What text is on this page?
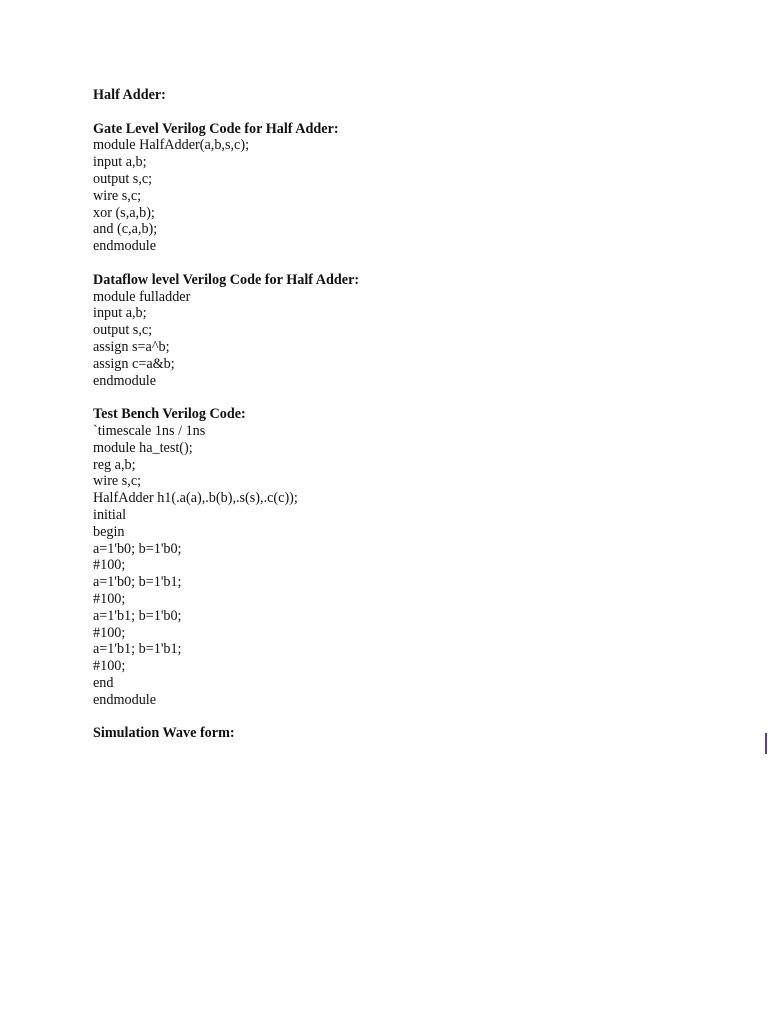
Half Adder:
Gate Level Verilog Code for Half Adder:
module HalfAdder(a,b,s,c);
input a,b;
output s,c;
wire s,c;
xor (s,a,b);
and (c,a,b);
endmodule
Dataflow level Verilog Code for Half Adder:
module fulladder
input a,b;
output s,c;
assign s=a^b;
assign c=a&b;
endmodule
Test Bench Verilog Code:
`timescale 1ns / 1ns
module ha_test();
reg a,b;
wire s,c;
HalfAdder h1(.a(a),.b(b),.s(s),.c(c));
initial
begin
a=1'b0; b=1'b0;
#100;
a=1'b0; b=1'b1;
#100;
a=1'b1; b=1'b0;
#100;
a=1'b1; b=1'b1;
#100;
end
endmodule
Simulation Wave form:
